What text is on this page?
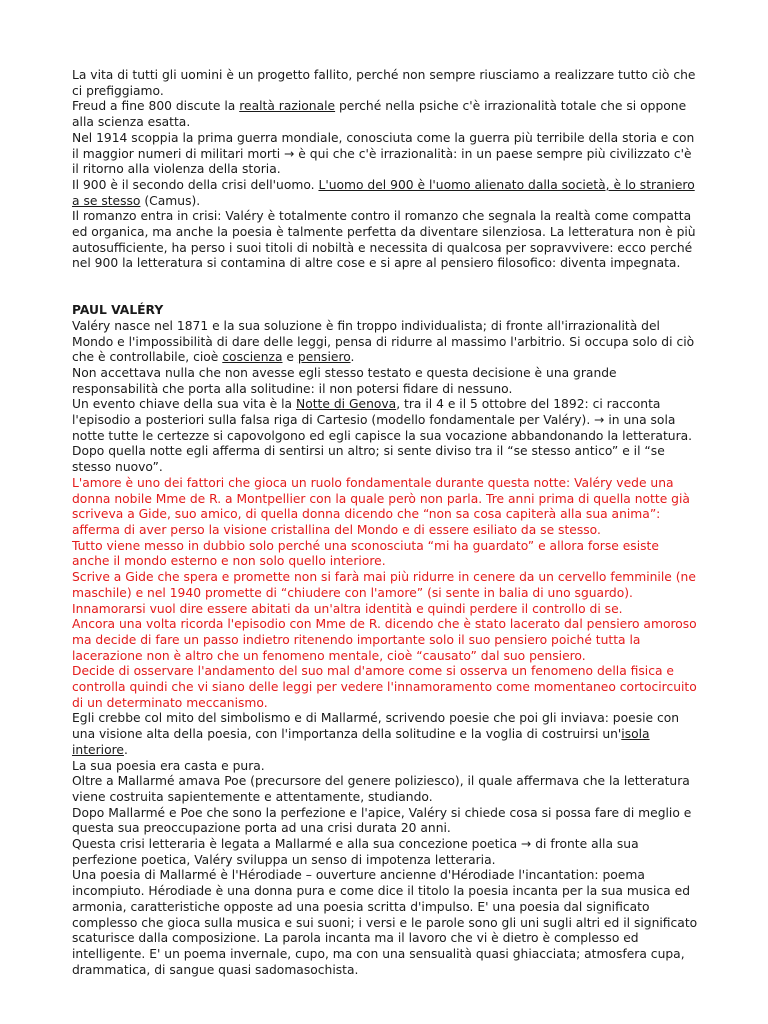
La vita di tutti gli uomini è un progetto fallito, perché non sempre riusciamo a realizzare tutto ciò che ci prefiggiamo.

Freud a fine 800 discute la realtà razionale perché nella psiche c'è irrazionalità totale che si oppone alla scienza esatta.

Nel 1914 scoppia la prima guerra mondiale, conosciuta come la guerra più terribile della storia e con il maggior numeri di militari morti → è qui che c'è irrazionalità: in un paese sempre più civilizzato c'è il ritorno alla violenza della storia.

Il 900 è il secondo della crisi dell'uomo. L'uomo del 900 è l'uomo alienato dalla società, è lo straniero a se stesso (Camus).

Il romanzo entra in crisi: Valéry è totalmente contro il romanzo che segnala la realtà come compatta ed organica, ma anche la poesia è talmente perfetta da diventare silenziosa. La letteratura non è più autosufficiente, ha perso i suoi titoli di nobiltà e necessita di qualcosa per sopravvivere: ecco perché nel 900 la letteratura si contamina di altre cose e si apre al pensiero filosofico: diventa impegnata.

PAUL VALÉRY

Valéry nasce nel 1871 e la sua soluzione è fin troppo individualista; di fronte all'irrazionalità del Mondo e l'impossibilità di dare delle leggi, pensa di ridurre al massimo l'arbitrio. Si occupa solo di ciò che è controllabile, cioè coscienza e pensiero.

Non accettava nulla che non avesse egli stesso testato e questa decisione è una grande responsabilità che porta alla solitudine: il non potersi fidare di nessuno.

Un evento chiave della sua vita è la Notte di Genova, tra il 4 e il 5 ottobre del 1892: ci racconta l'episodio a posteriori sulla falsa riga di Cartesio (modello fondamentale per Valéry). → in una sola notte tutte le certezze si capovolgono ed egli capisce la sua vocazione abbandonando la letteratura.

Dopo quella notte egli afferma di sentirsi un altro; si sente diviso tra il “se stesso antico” e il “se stesso nuovo”.

L'amore è uno dei fattori che gioca un ruolo fondamentale durante questa notte: Valéry vede una donna nobile Mme de R. a Montpellier con la quale però non parla. Tre anni prima di quella notte già scriveva a Gide, suo amico, di quella donna dicendo che “non sa cosa capiterà alla sua anima”: afferma di aver perso la visione cristallina del Mondo e di essere esiliato da se stesso.

Tutto viene messo in dubbio solo perché una sconosciuta “mi ha guardato” e allora forse esiste anche il mondo esterno e non solo quello interiore.

Scrive a Gide che spera e promette non si farà mai più ridurre in cenere da un cervello femminile (ne maschile) e nel 1940 promette di “chiudere con l'amore” (si sente in balia di uno sguardo).

Innamorarsi vuol dire essere abitati da un'altra identità e quindi perdere il controllo di se.

Ancora una volta ricorda l'episodio con Mme de R. dicendo che è stato lacerato dal pensiero amoroso ma decide di fare un passo indietro ritenendo importante solo il suo pensiero poiché tutta la lacerazione non è altro che un fenomeno mentale, cioè “causato” dal suo pensiero.

Decide di osservare l'andamento del suo mal d'amore come si osserva un fenomeno della fisica e controlla quindi che vi siano delle leggi per vedere l'innamoramento come momentaneo cortocircuito di un determinato meccanismo.

Egli crebbe col mito del simbolismo e di Mallarmé, scrivendo poesie che poi gli inviava: poesie con una visione alta della poesia, con l'importanza della solitudine e la voglia di costruirsi un'isola interiore.

La sua poesia era casta e pura.

Oltre a Mallarmé amava Poe (precursore del genere poliziesco), il quale affermava che la letteratura viene costruita sapientemente e attentamente, studiando.

Dopo Mallarmé e Poe che sono la perfezione e l'apice, Valéry si chiede cosa si possa fare di meglio e questa sua preoccupazione porta ad una crisi durata 20 anni.

Questa crisi letteraria è legata a Mallarmé e alla sua concezione poetica → di fronte alla sua perfezione poetica, Valéry sviluppa un senso di impotenza letteraria.

Una poesia di Mallarmé è l'Hérodiade – ouverture ancienne d'Hérodiade l'incantation: poema incompiuto. Hérodiade è una donna pura e come dice il titolo la poesia incanta per la sua musica ed armonia, caratteristiche opposte ad una poesia scritta d'impulso. E' una poesia dal significato complesso che gioca sulla musica e sui suoni; i versi e le parole sono gli uni sugli altri ed il significato scaturisce dalla composizione. La parola incanta ma il lavoro che vi è dietro è complesso ed intelligente. E' un poema invernale, cupo, ma con una sensualità quasi ghiacciata; atmosfera cupa, drammatica, di sangue quasi sadomasochista.
